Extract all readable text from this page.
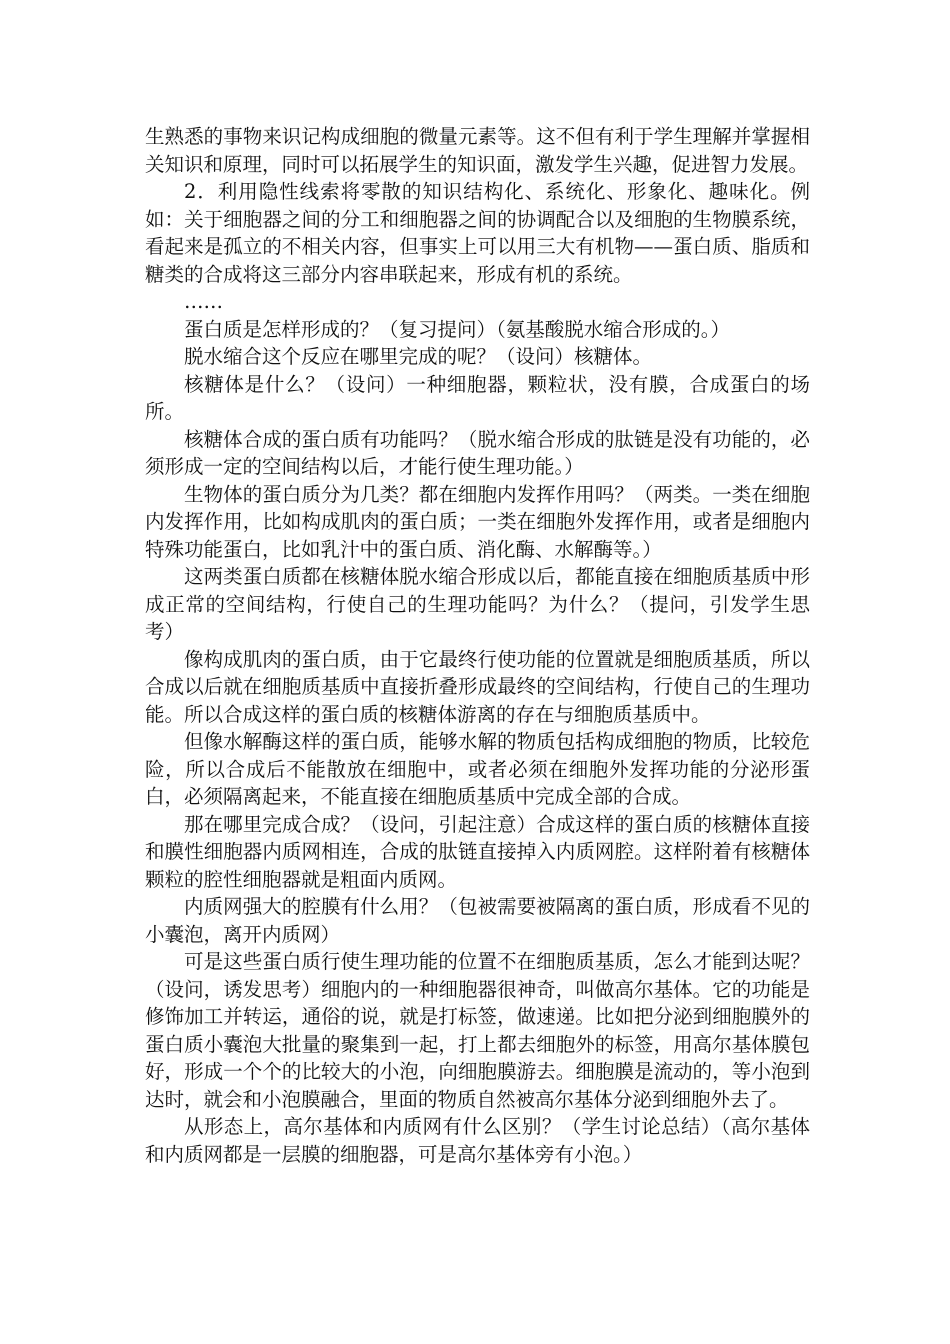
生熟悉的事物来识记构成细胞的微量元素等。这不但有利于学生理解并掌握相关知识和原理，同时可以拓展学生的知识面，激发学生兴趣，促进智力发展。

2．利用隐性线索将零散的知识结构化、系统化、形象化、趣味化。例如：关于细胞器之间的分工和细胞器之间的协调配合以及细胞的生物膜系统，看起来是孤立的不相关内容，但事实上可以用三大有机物——蛋白质、脂质和糖类的合成将这三部分内容串联起来，形成有机的系统。

……

蛋白质是怎样形成的？（复习提问）（氨基酸脱水缩合形成的。）

脱水缩合这个反应在哪里完成的呢？（设问）核糖体。

核糖体是什么？（设问）一种细胞器，颗粒状，没有膜，合成蛋白的场所。

核糖体合成的蛋白质有功能吗？（脱水缩合形成的肽链是没有功能的，必须形成一定的空间结构以后，才能行使生理功能。）

生物体的蛋白质分为几类？都在细胞内发挥作用吗？（两类。一类在细胞内发挥作用，比如构成肌肉的蛋白质；一类在细胞外发挥作用，或者是细胞内特殊功能蛋白，比如乳汁中的蛋白质、消化酶、水解酶等。）

这两类蛋白质都在核糖体脱水缩合形成以后，都能直接在细胞质基质中形成正常的空间结构，行使自己的生理功能吗？为什么？（提问，引发学生思考）

像构成肌肉的蛋白质，由于它最终行使功能的位置就是细胞质基质，所以合成以后就在细胞质基质中直接折叠形成最终的空间结构，行使自己的生理功能。所以合成这样的蛋白质的核糖体游离的存在与细胞质基质中。

但像水解酶这样的蛋白质，能够水解的物质包括构成细胞的物质，比较危险，所以合成后不能散放在细胞中，或者必须在细胞外发挥功能的分泌形蛋白，必须隔离起来，不能直接在细胞质基质中完成全部的合成。

那在哪里完成合成？（设问，引起注意）合成这样的蛋白质的核糖体直接和膜性细胞器内质网相连，合成的肽链直接掉入内质网腔。这样附着有核糖体颗粒的腔性细胞器就是粗面内质网。

内质网强大的腔膜有什么用？（包被需要被隔离的蛋白质，形成看不见的小囊泡，离开内质网）

可是这些蛋白质行使生理功能的位置不在细胞质基质，怎么才能到达呢？（设问，诱发思考）细胞内的一种细胞器很神奇，叫做高尔基体。它的功能是修饰加工并转运，通俗的说，就是打标签，做速递。比如把分泌到细胞膜外的蛋白质小囊泡大批量的聚集到一起，打上都去细胞外的标签，用高尔基体膜包好，形成一个个的比较大的小泡，向细胞膜游去。细胞膜是流动的，等小泡到达时，就会和小泡膜融合，里面的物质自然被高尔基体分泌到细胞外去了。

从形态上，高尔基体和内质网有什么区别？（学生讨论总结）（高尔基体和内质网都是一层膜的细胞器，可是高尔基体旁有小泡。）
